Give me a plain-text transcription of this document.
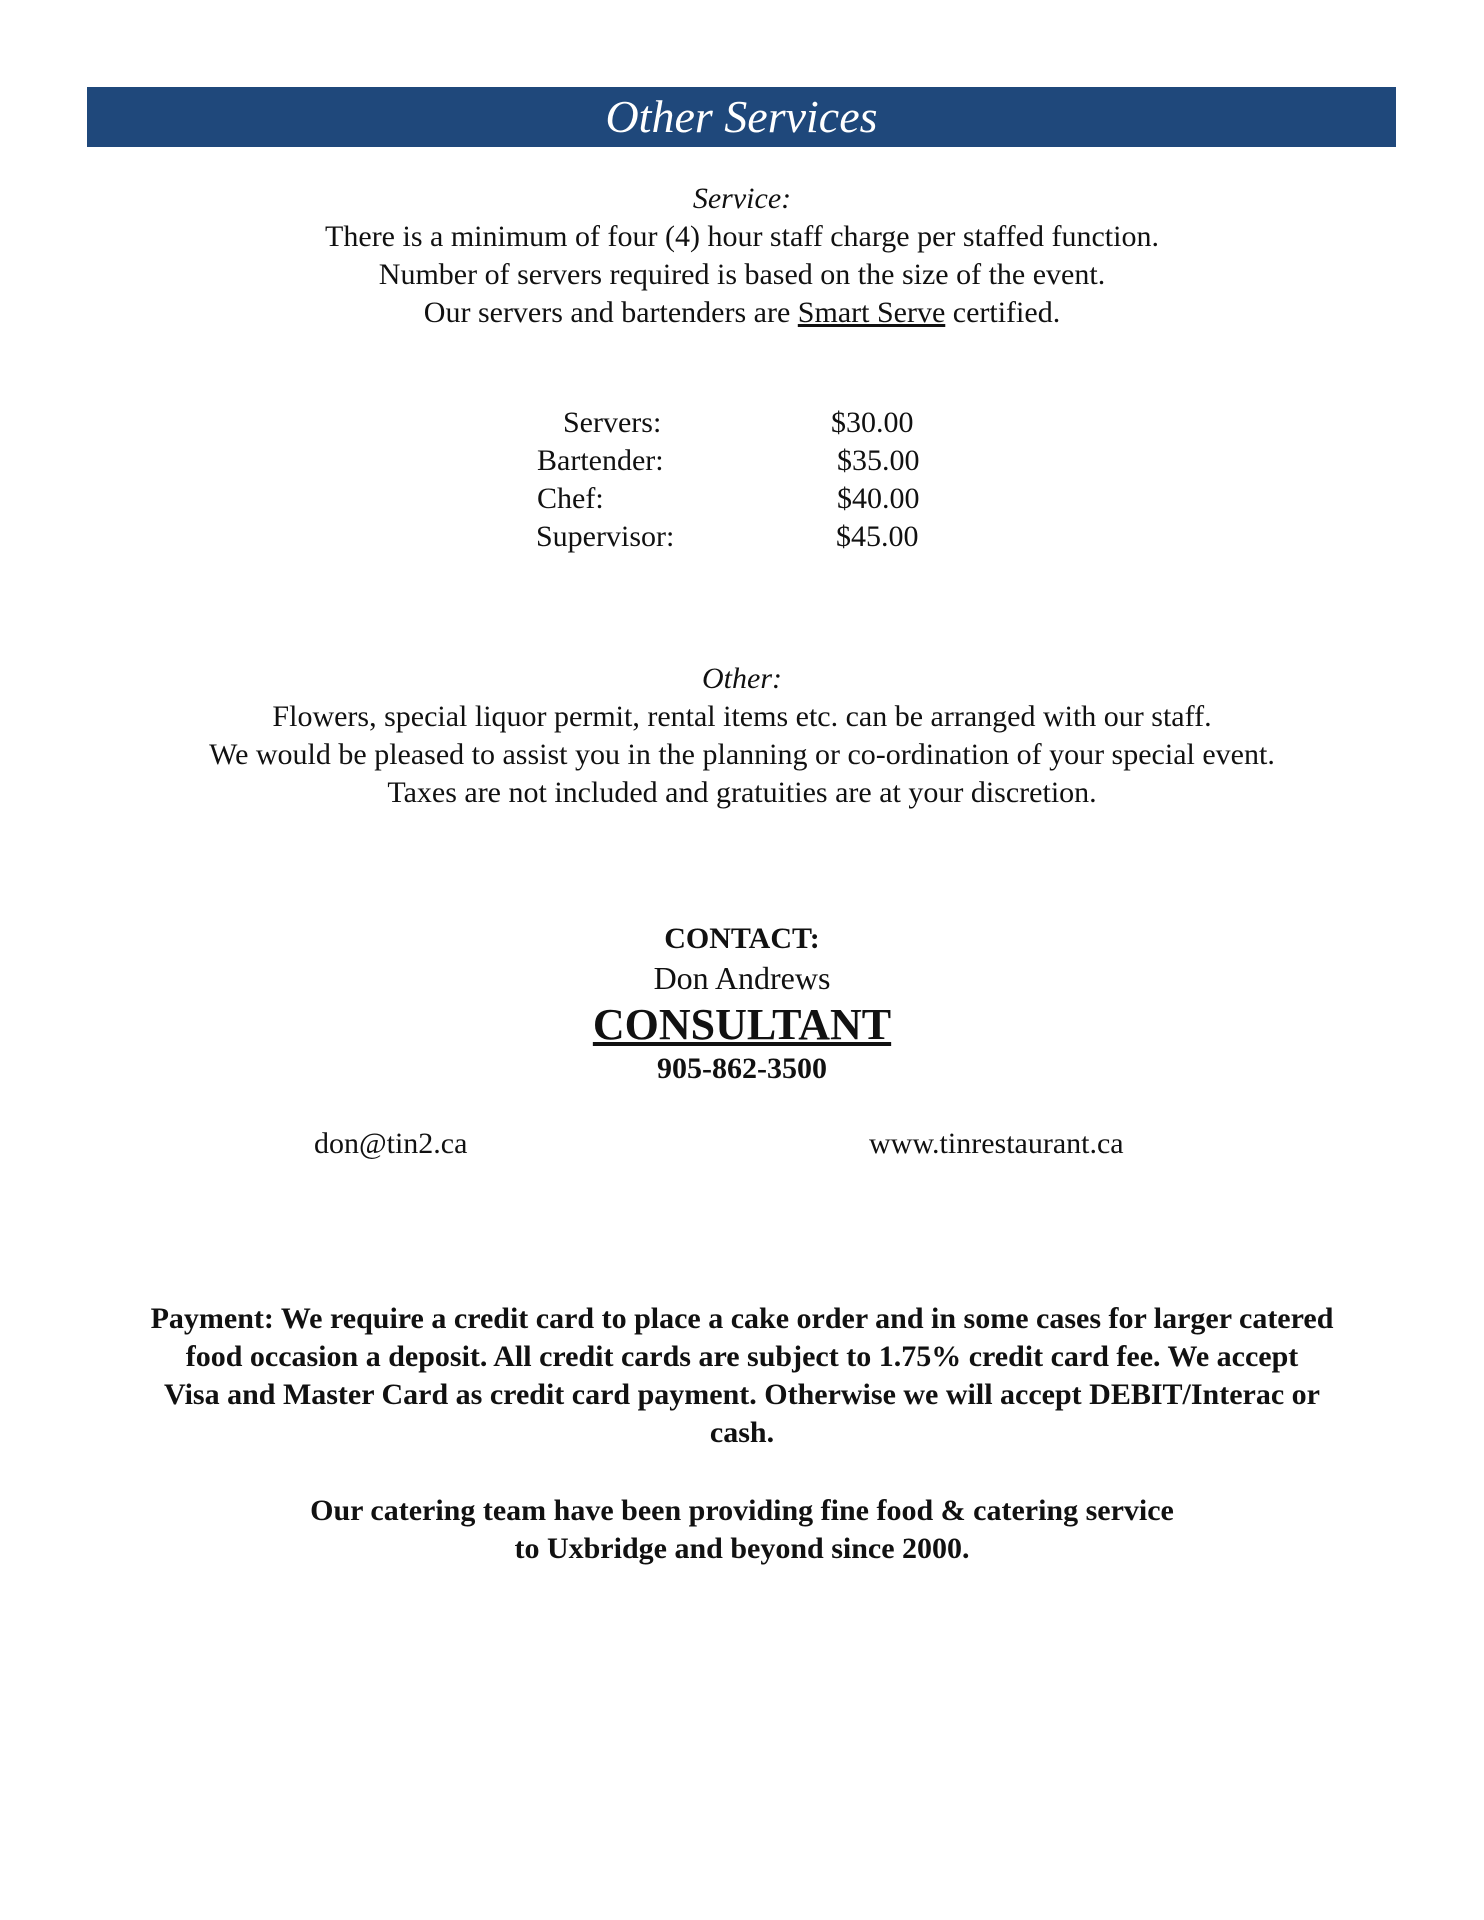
Other Services
Service:
There is a minimum of four (4) hour staff charge per staffed function.
Number of servers required is based on the size of the event.
Our servers and bartenders are Smart Serve certified.
Servers:	$30.00
Bartender:	$35.00
Chef:	$40.00
Supervisor:	$45.00
Other:
Flowers, special liquor permit, rental items etc. can be arranged with our staff.
We would be pleased to assist you in the planning or co-ordination of your special event.
Taxes are not included and gratuities are at your discretion.
CONTACT:
Don Andrews
CONSULTANT
905-862-3500
don@tin2.ca	www.tinrestaurant.ca
Payment: We require a credit card to place a cake order and in some cases for larger catered
food occasion a deposit. All credit cards are subject to 1.75% credit card fee. We accept
Visa and Master Card as credit card payment. Otherwise we will accept DEBIT/Interac or
cash.
Our catering team have been providing fine food & catering service
to Uxbridge and beyond since 2000.
